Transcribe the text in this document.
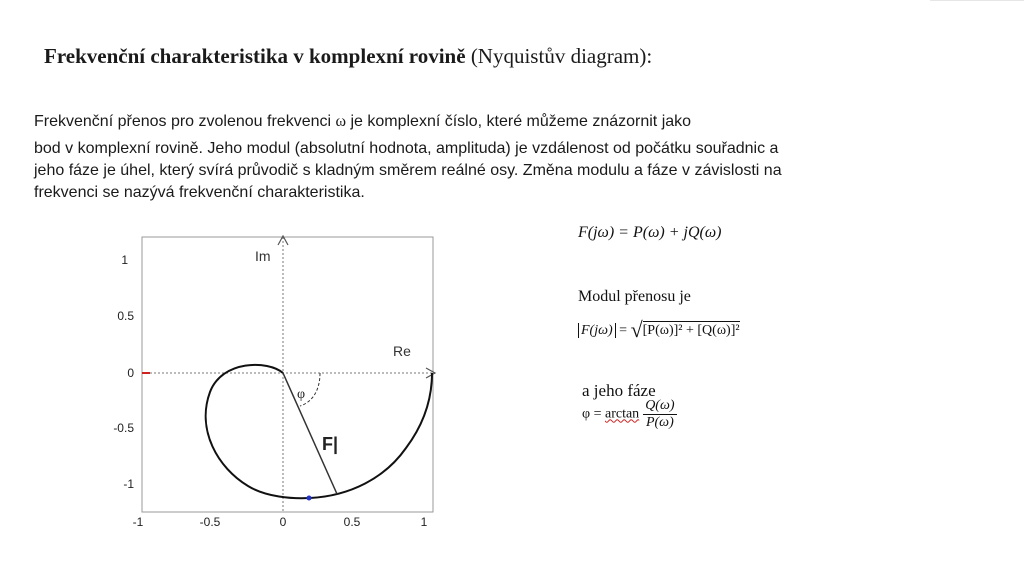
Frekvenční charakteristika v komplexní rovině (Nyquistův diagram):
Frekvenční přenos pro zvolenou frekvenci ω je komplexní číslo, které můžeme znázornit jako
bod v komplexní rovině. Jeho modul (absolutní hodnota, amplituda) je vzdálenost od počátku souřadnic a
jeho fáze je úhel, který svírá průvodič s kladným směrem reálné osy. Změna modulu a fáze v závislosti na
frekvenci se nazývá frekvenční charakteristika.
1
0.5
0
-0.5
-1
-1	-0.5	0	0.5	1
Im
Re
φ
F|
F(jω) = P(ω) + jQ(ω)
Modul přenosu je
F(jω) = √[P(ω)]² + [Q(ω)]²
a jeho fáze
$\varphi = \arctan \frac{Q(\omega)}{P(\omega)}$
